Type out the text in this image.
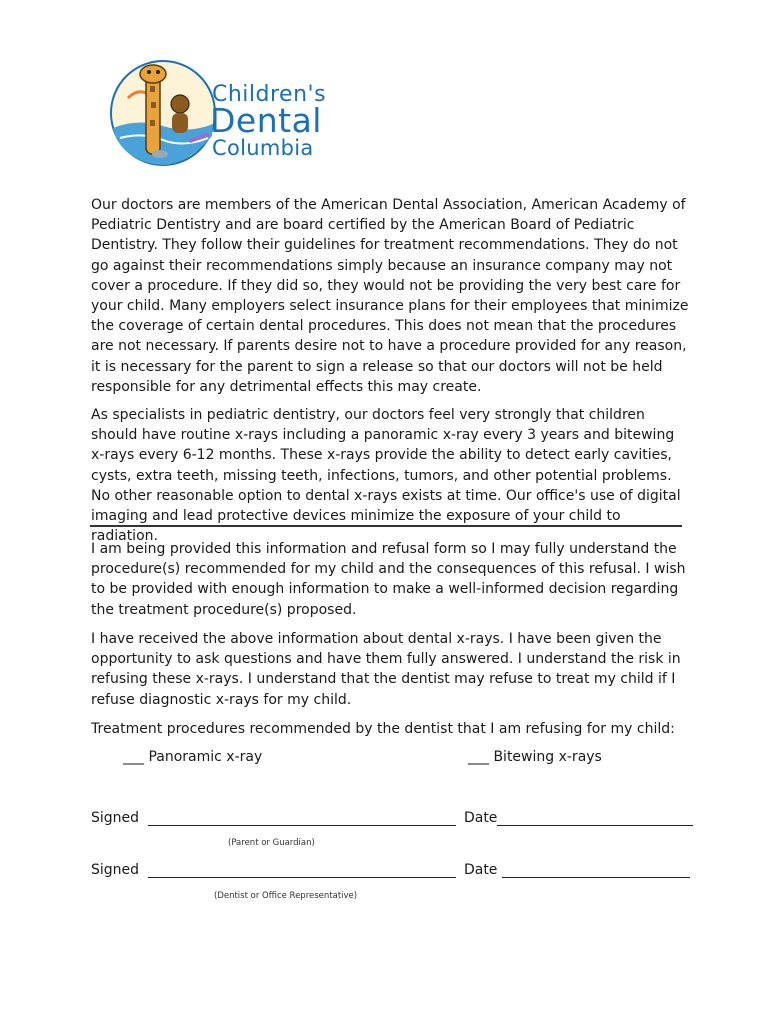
Children's
Dental
Columbia

Our doctors are members of the American Dental Association, American Academy of Pediatric Dentistry and are board certified by the American Board of Pediatric Dentistry. They follow their guidelines for treatment recommendations. They do not go against their recommendations simply because an insurance company may not cover a procedure. If they did so, they would not be providing the very best care for your child. Many employers select insurance plans for their employees that minimize the coverage of certain dental procedures. This does not mean that the procedures are not necessary. If parents desire not to have a procedure provided for any reason, it is necessary for the parent to sign a release so that our doctors will not be held responsible for any detrimental effects this may create.

As specialists in pediatric dentistry, our doctors feel very strongly that children should have routine x-rays including a panoramic x-ray every 3 years and bitewing x-rays every 6-12 months. These x-rays provide the ability to detect early cavities, cysts, extra teeth, missing teeth, infections, tumors, and other potential problems. No other reasonable option to dental x-rays exists at time. Our office's use of digital imaging and lead protective devices minimize the exposure of your child to radiation.

I am being provided this information and refusal form so I may fully understand the procedure(s) recommended for my child and the consequences of this refusal. I wish to be provided with enough information to make a well-informed decision regarding the treatment procedure(s) proposed.

I have received the above information about dental x-rays. I have been given the opportunity to ask questions and have them fully answered. I understand the risk in refusing these x-rays. I understand that the dentist may refuse to treat my child if I refuse diagnostic x-rays for my child.

Treatment procedures recommended by the dentist that I am refusing for my child:

___ Panoramic x-ray	___ Bitewing x-rays
Signed	Date
(Parent or Guardian)
Signed	Date
(Dentist or Office Representative)
